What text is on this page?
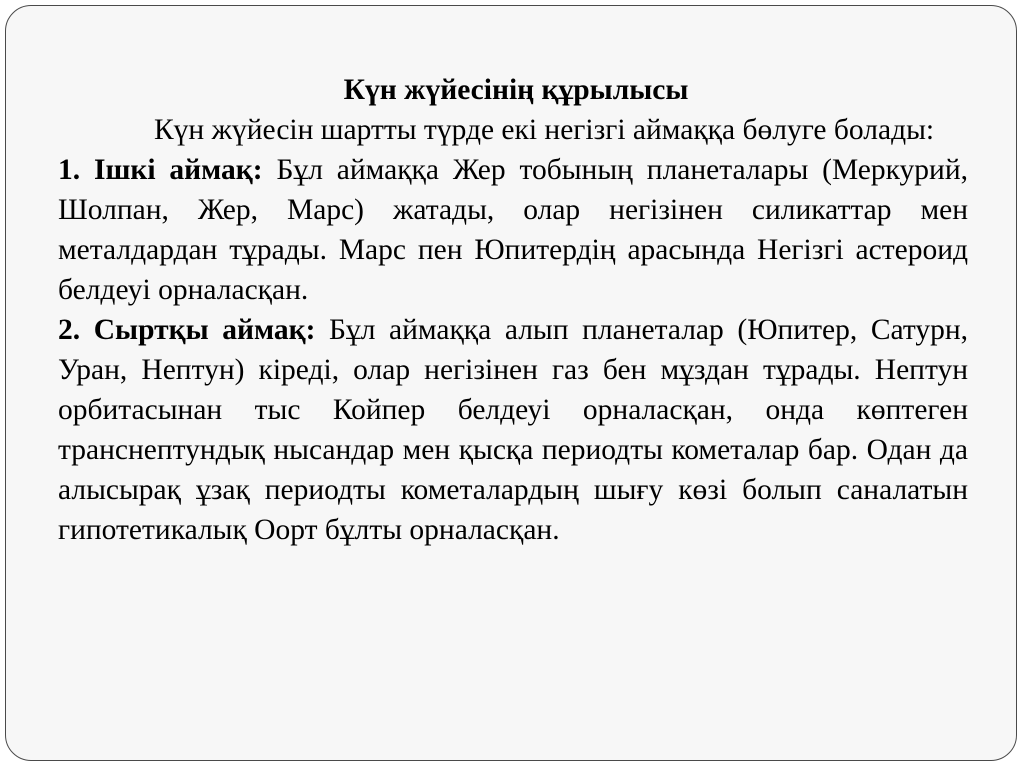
Күн жүйесінің құрылысы

Күн жүйесін шартты түрде екі негізгі аймаққа бөлуге болады:

1. Ішкі аймақ: Бұл аймаққа Жер тобының планеталары (Меркурий, Шолпан, Жер, Марс) жатады, олар негізінен силикаттар мен металдардан тұрады. Марс пен Юпитердің арасында Негізгі астероид белдеуі орналасқан.

2. Сыртқы аймақ: Бұл аймаққа алып планеталар (Юпитер, Сатурн, Уран, Нептун) кіреді, олар негізінен газ бен мұздан тұрады. Нептун орбитасынан тыс Койпер белдеуі орналасқан, онда көптеген транснептундық нысандар мен қысқа периодты кометалар бар. Одан да алысырақ ұзақ периодты кометалардың шығу көзі болып саналатын гипотетикалық Оорт бұлты орналасқан.
